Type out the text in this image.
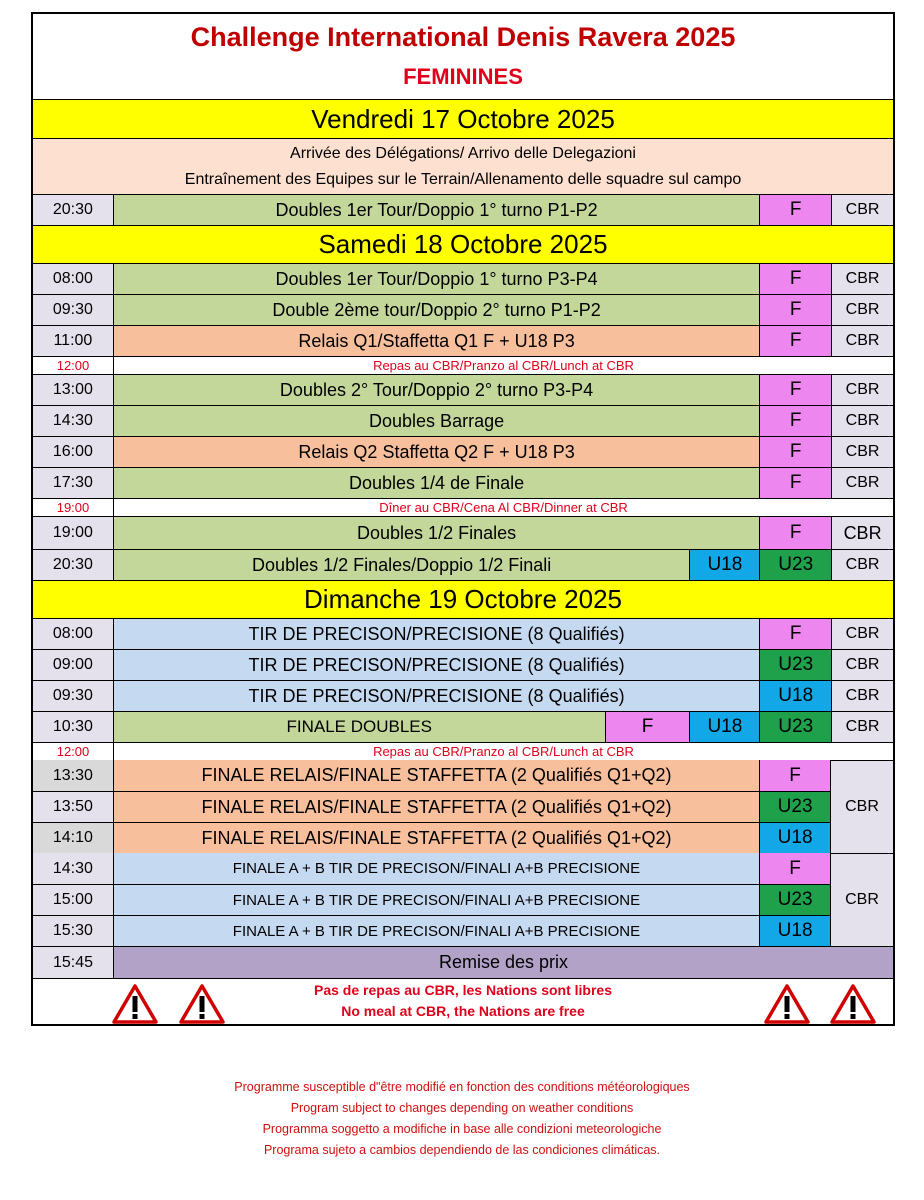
Challenge International Denis Ravera 2025
FEMININES
Vendredi 17 Octobre 2025
Arrivée des Délégations/ Arrivo delle Delegazioni
Entraînement des Equipes sur le Terrain/Allenamento delle squadre sul campo
20:30	Doubles 1er Tour/Doppio 1° turno P1-P2	F	CBR
Samedi 18 Octobre 2025
08:00	Doubles 1er Tour/Doppio 1° turno P3-P4	F	CBR
09:30	Double 2ème tour/Doppio 2° turno P1-P2	F	CBR
11:00	Relais Q1/Staffetta Q1 F + U18 P3	F	CBR
12:00	Repas au CBR/Pranzo al CBR/Lunch at CBR
13:00	Doubles 2° Tour/Doppio 2° turno P3-P4	F	CBR
14:30	Doubles Barrage	F	CBR
16:00	Relais Q2 Staffetta Q2 F + U18 P3	F	CBR
17:30	Doubles 1/4 de Finale	F	CBR
19:00	Dîner au CBR/Cena Al CBR/Dinner at CBR
19:00	Doubles 1/2 Finales	F	CBR
20:30	Doubles 1/2 Finales/Doppio 1/2 Finali	U18	U23	CBR
Dimanche 19 Octobre 2025
08:00	TIR DE PRECISON/PRECISIONE (8 Qualifiés)	F	CBR
09:00	TIR DE PRECISON/PRECISIONE (8 Qualifiés)	U23	CBR
09:30	TIR DE PRECISON/PRECISIONE (8 Qualifiés)	U18	CBR
10:30	FINALE DOUBLES	F	U18	U23	CBR
12:00	Repas au CBR/Pranzo al CBR/Lunch at CBR
13:30	FINALE RELAIS/FINALE STAFFETTA (2 Qualifiés Q1+Q2)	F
13:50	FINALE RELAIS/FINALE STAFFETTA (2 Qualifiés Q1+Q2)	U23
14:10	FINALE RELAIS/FINALE STAFFETTA (2 Qualifiés Q1+Q2)	U18
CBR
14:30	FINALE A + B TIR DE PRECISON/FINALI A+B PRECISIONE	F
15:00	FINALE A + B TIR DE PRECISON/FINALI A+B PRECISIONE	U23
15:30	FINALE A + B TIR DE PRECISON/FINALI A+B PRECISIONE	U18
CBR
15:45	Remise des prix
Pas de repas au CBR, les Nations sont libres
No meal at CBR, the Nations are free
Programme susceptible d"être modifié en fonction des conditions météorologiques
Program subject to changes depending on weather conditions
Programma soggetto a modifiche in base alle condizioni meteorologiche
Programa sujeto a cambios dependiendo de las condiciones climáticas.
